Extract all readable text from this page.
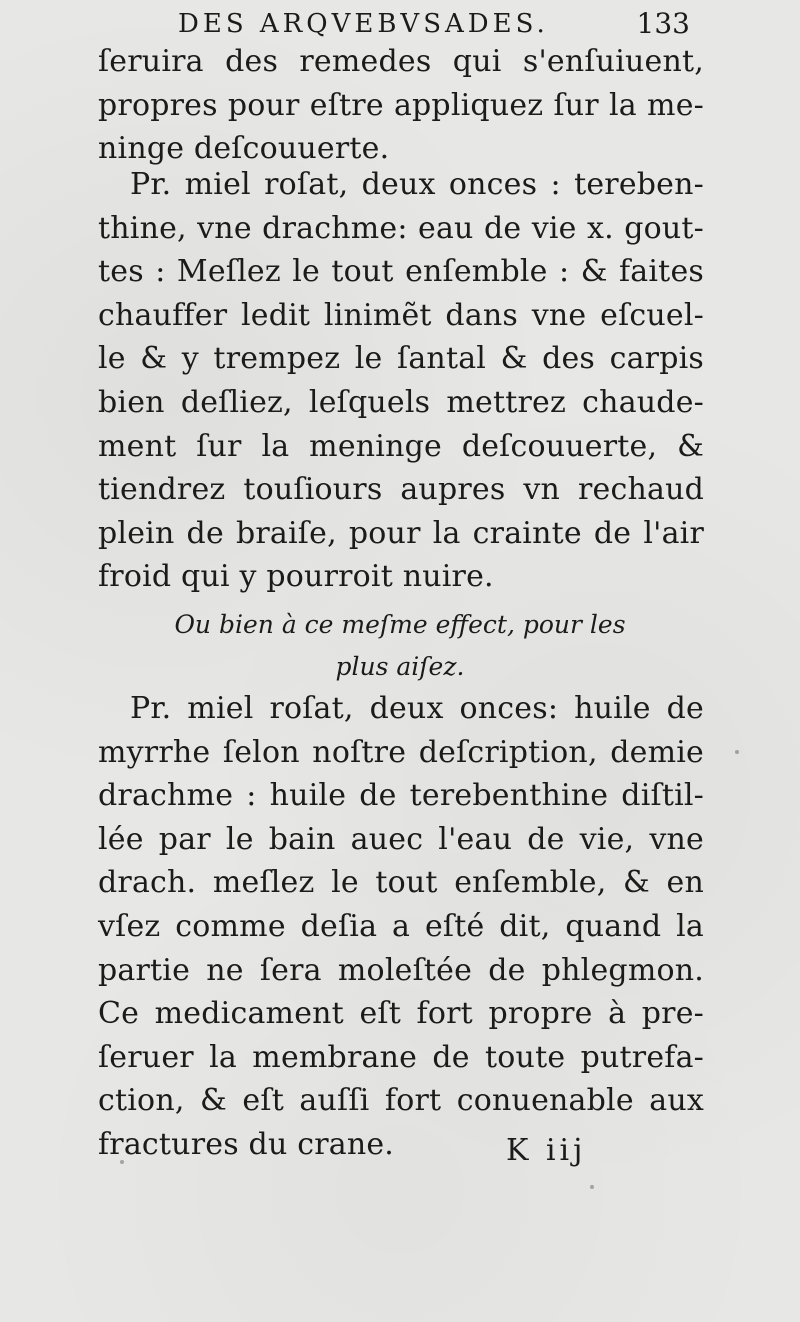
DES ARQVEBVSADES.	133
ſeruira des remedes qui s'enſuiuent,
propres pour eſtre appliquez ſur la me-
ninge deſcouuerte.
Pr. miel roſat, deux onces : tereben-
thine, vne drachme: eau de vie x. gout-
tes : Meſlez le tout enſemble : & faites
chauffer ledit linimẽt dans vne eſcuel-
le & y trempez le ſantal & des carpis
bien deſliez, leſquels mettrez chaude-
ment ſur la meninge deſcouuerte, &
tiendrez touſiours aupres vn rechaud
plein de braiſe, pour la crainte de l'air
froid qui y pourroit nuire.
Ou bien à ce meſme effect, pour les
plus aiſez.
Pr. miel roſat, deux onces: huile de
myrrhe ſelon noſtre deſcription, demie
drachme : huile de terebenthine diſtil-
lée par le bain auec l'eau de vie, vne
drach. meſlez le tout enſemble, & en
vſez comme deſia a eſté dit, quand la
partie ne ſera moleſtée de phlegmon.
Ce medicament eſt fort propre à pre-
ſeruer la membrane de toute putrefa-
ction, & eſt auſſi fort conuenable aux
fractures du crane.	K iij
